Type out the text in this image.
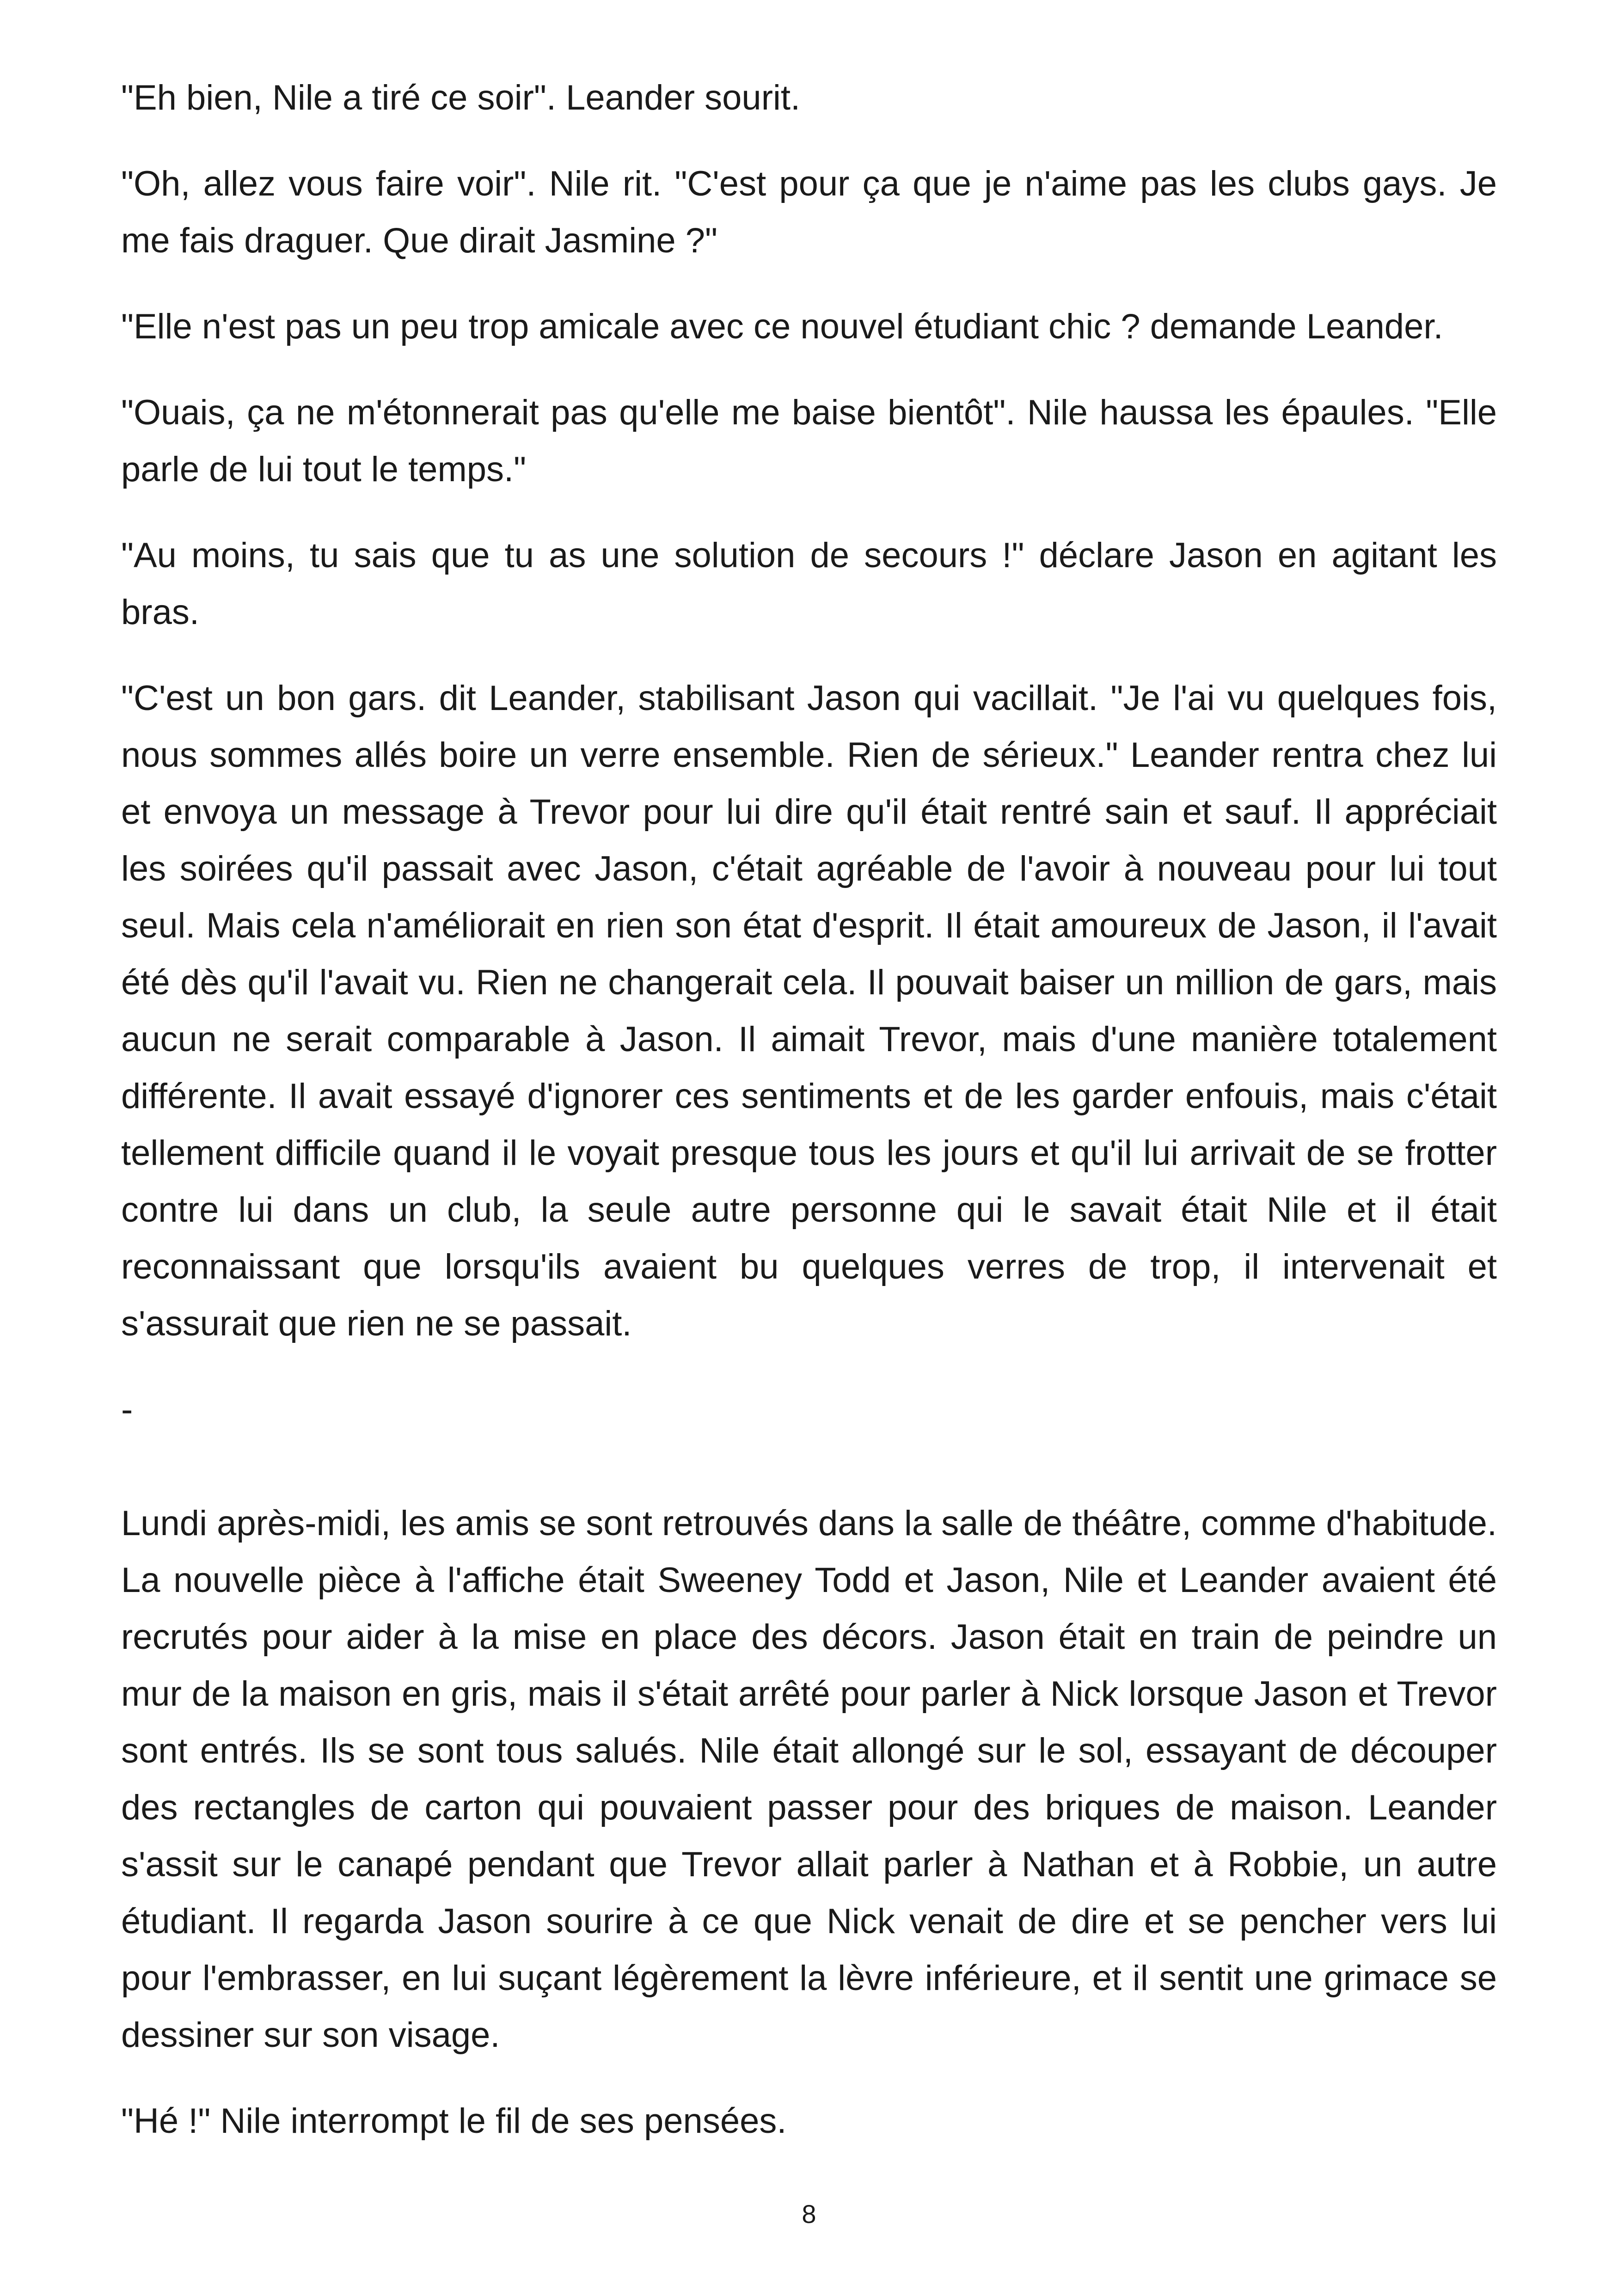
"Eh bien, Nile a tiré ce soir". Leander sourit.

"Oh, allez vous faire voir". Nile rit. "C'est pour ça que je n'aime pas les clubs gays. Je me fais draguer. Que dirait Jasmine ?"

"Elle n'est pas un peu trop amicale avec ce nouvel étudiant chic ? demande Leander.

"Ouais, ça ne m'étonnerait pas qu'elle me baise bientôt". Nile haussa les épaules. "Elle parle de lui tout le temps."

"Au moins, tu sais que tu as une solution de secours !" déclare Jason en agitant les bras.

"C'est un bon gars. dit Leander, stabilisant Jason qui vacillait. "Je l'ai vu quelques fois, nous sommes allés boire un verre ensemble. Rien de sérieux." Leander rentra chez lui et envoya un message à Trevor pour lui dire qu'il était rentré sain et sauf. Il appréciait les soirées qu'il passait avec Jason, c'était agréable de l'avoir à nouveau pour lui tout seul. Mais cela n'améliorait en rien son état d'esprit. Il était amoureux de Jason, il l'avait été dès qu'il l'avait vu. Rien ne changerait cela. Il pouvait baiser un million de gars, mais aucun ne serait comparable à Jason. Il aimait Trevor, mais d'une manière totalement différente. Il avait essayé d'ignorer ces sentiments et de les garder enfouis, mais c'était tellement difficile quand il le voyait presque tous les jours et qu'il lui arrivait de se frotter contre lui dans un club, la seule autre personne qui le savait était Nile et il était reconnaissant que lorsqu'ils avaient bu quelques verres de trop, il intervenait et s'assurait que rien ne se passait.

-

Lundi après-midi, les amis se sont retrouvés dans la salle de théâtre, comme d'habitude. La nouvelle pièce à l'affiche était Sweeney Todd et Jason, Nile et Leander avaient été recrutés pour aider à la mise en place des décors. Jason était en train de peindre un mur de la maison en gris, mais il s'était arrêté pour parler à Nick lorsque Jason et Trevor sont entrés. Ils se sont tous salués. Nile était allongé sur le sol, essayant de découper des rectangles de carton qui pouvaient passer pour des briques de maison. Leander s'assit sur le canapé pendant que Trevor allait parler à Nathan et à Robbie, un autre étudiant. Il regarda Jason sourire à ce que Nick venait de dire et se pencher vers lui pour l'embrasser, en lui suçant légèrement la lèvre inférieure, et il sentit une grimace se dessiner sur son visage.

"Hé !" Nile interrompt le fil de ses pensées.

8
